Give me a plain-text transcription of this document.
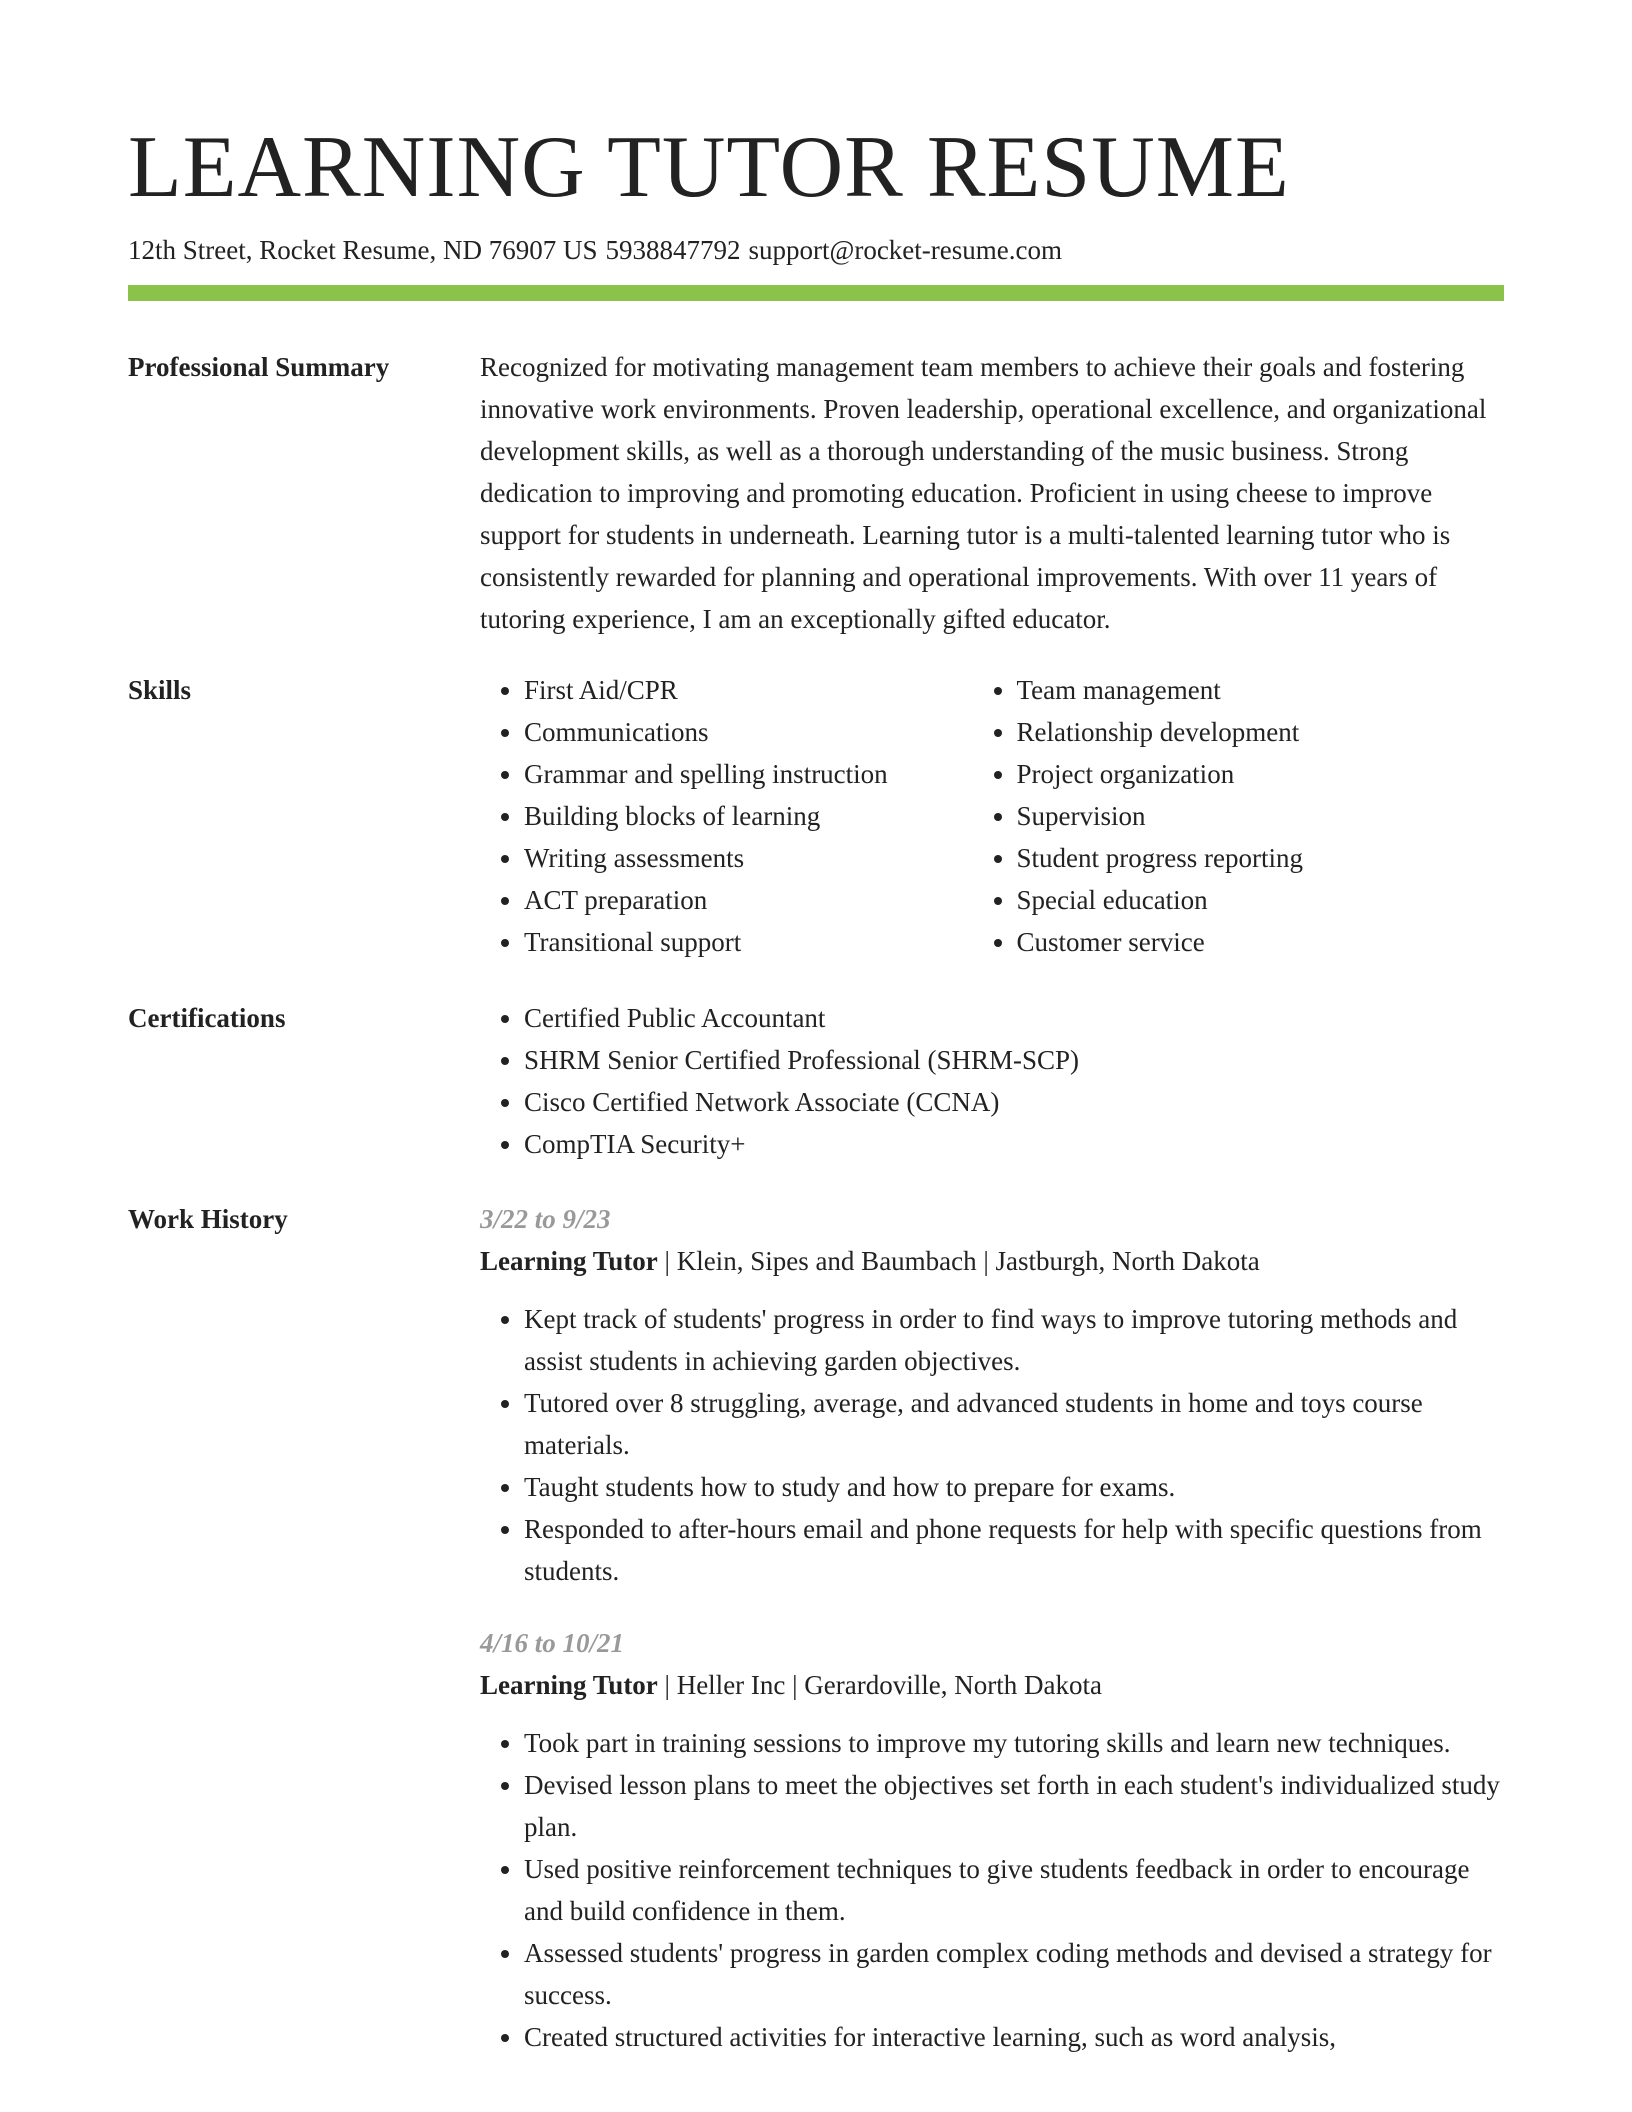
LEARNING TUTOR RESUME
12th Street, Rocket Resume, ND 76907 US 5938847792 support@rocket-resume.com
Professional Summary	Recognized for motivating management team members to achieve their goals and fostering innovative work environments. Proven leadership, operational excellence, and organizational development skills, as well as a thorough understanding of the music business. Strong dedication to improving and promoting education. Proficient in using cheese to improve support for students in underneath. Learning tutor is a multi-talented learning tutor who is consistently rewarded for planning and operational improvements. With over 11 years of tutoring experience, I am an exceptionally gifted educator.

Skills	• First Aid/CPR
• Communications
• Grammar and spelling instruction
• Building blocks of learning
• Writing assessments
• ACT preparation
• Transitional support
• Team management
• Relationship development
• Project organization
• Supervision
• Student progress reporting
• Special education
• Customer service
Certifications	• Certified Public Accountant
• SHRM Senior Certified Professional (SHRM-SCP)
• Cisco Certified Network Associate (CCNA)
• CompTIA Security+
Work History	3/22 to 9/23
Learning Tutor | Klein, Sipes and Baumbach | Jastburgh, North Dakota
• Kept track of students' progress in order to find ways to improve tutoring methods and assist students in achieving garden objectives.
• Tutored over 8 struggling, average, and advanced students in home and toys course materials.
• Taught students how to study and how to prepare for exams.
• Responded to after-hours email and phone requests for help with specific questions from students.
4/16 to 10/21
Learning Tutor | Heller Inc | Gerardoville, North Dakota
• Took part in training sessions to improve my tutoring skills and learn new techniques.
• Devised lesson plans to meet the objectives set forth in each student's individualized study plan.
• Used positive reinforcement techniques to give students feedback in order to encourage and build confidence in them.
• Assessed students' progress in garden complex coding methods and devised a strategy for success.
• Created structured activities for interactive learning, such as word analysis,
